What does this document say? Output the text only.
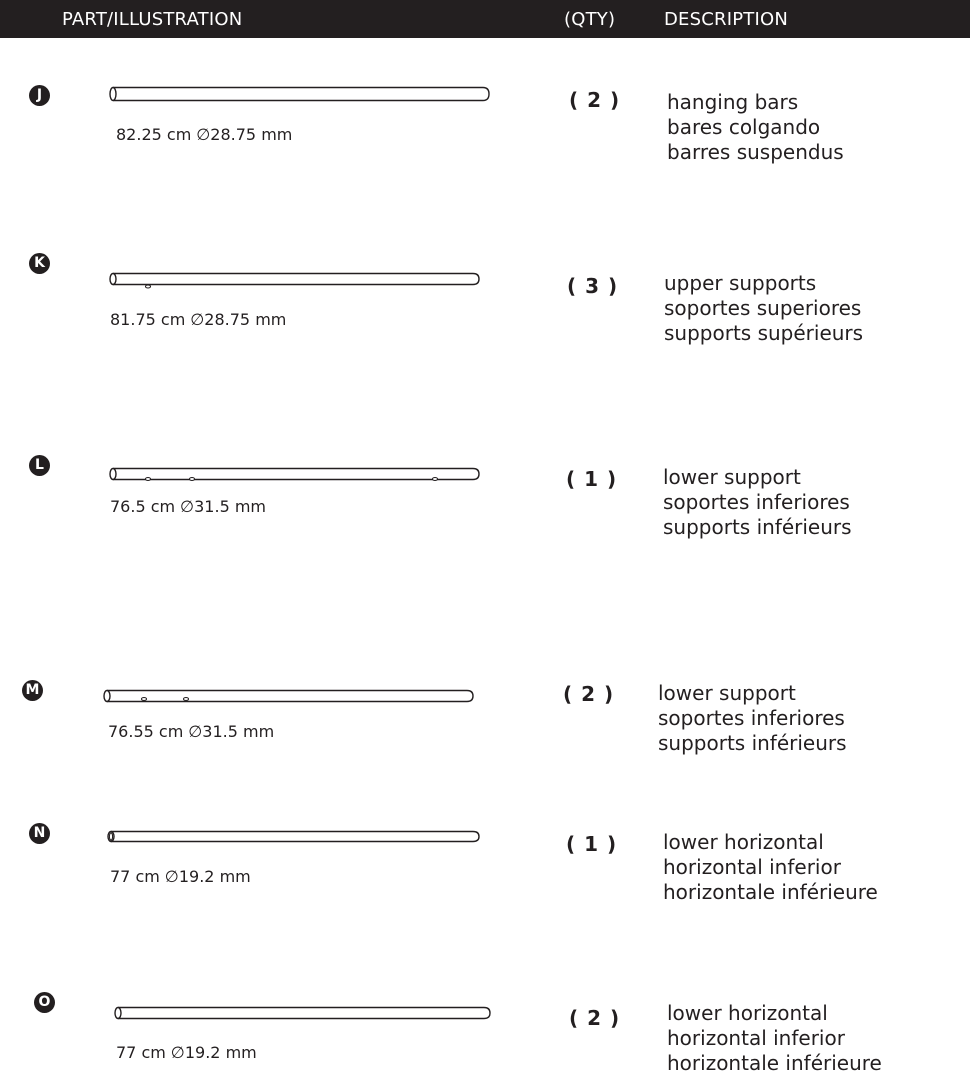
PART/ILLUSTRATION	(QTY)	DESCRIPTION
J
82.25 cm ∅28.75 mm
( 2 ) hanging bars
bares colgando
barres suspendus
K
81.75 cm ∅28.75 mm
( 3 ) upper supports
soportes superiores
supports supérieurs
L
76.5 cm ∅31.5 mm
( 1 ) lower support
soportes inferiores
supports inférieurs
M
76.55 cm ∅31.5 mm
( 2 ) lower support
soportes inferiores
supports inférieurs
N
77 cm ∅19.2 mm
( 1 ) lower horizontal
horizontal inferior
horizontale inférieure
O
77 cm ∅19.2 mm
( 2 ) lower horizontal
horizontal inferior
horizontale inférieure
